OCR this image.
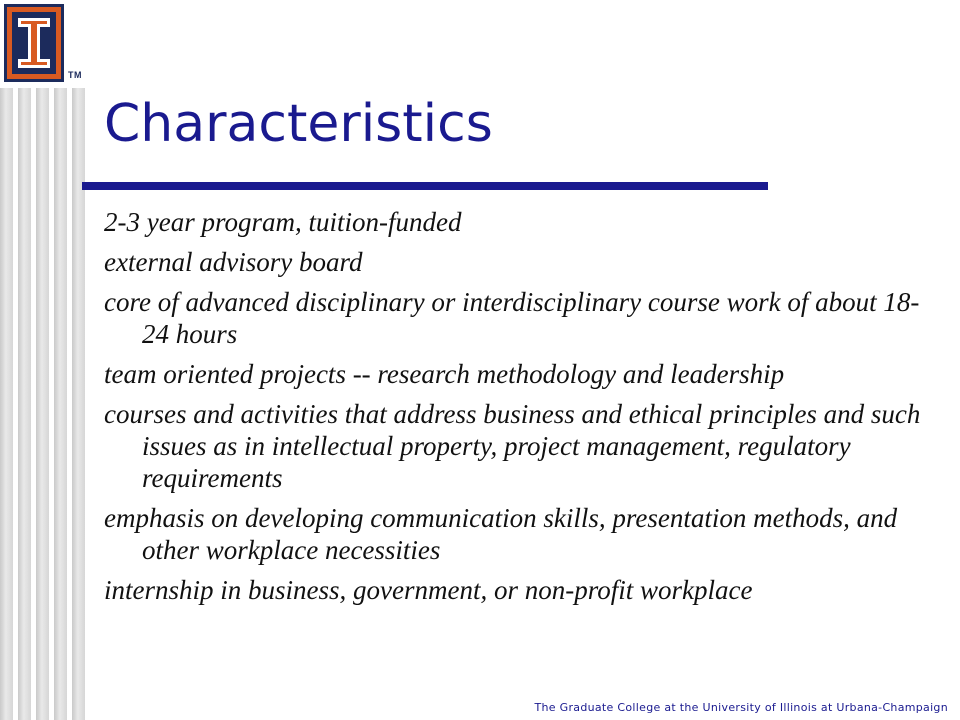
TM
Characteristics
2-3 year program, tuition-funded
external advisory board
core of advanced disciplinary or interdisciplinary course work of about 18-24 hours
team oriented projects -- research methodology and leadership
courses and activities that address business and ethical principles and such issues as in intellectual property, project management, regulatory requirements
emphasis on developing communication skills, presentation methods, and other workplace necessities
internship in business, government, or non-profit workplace
The Graduate College at the University of Illinois at Urbana-Champaign
